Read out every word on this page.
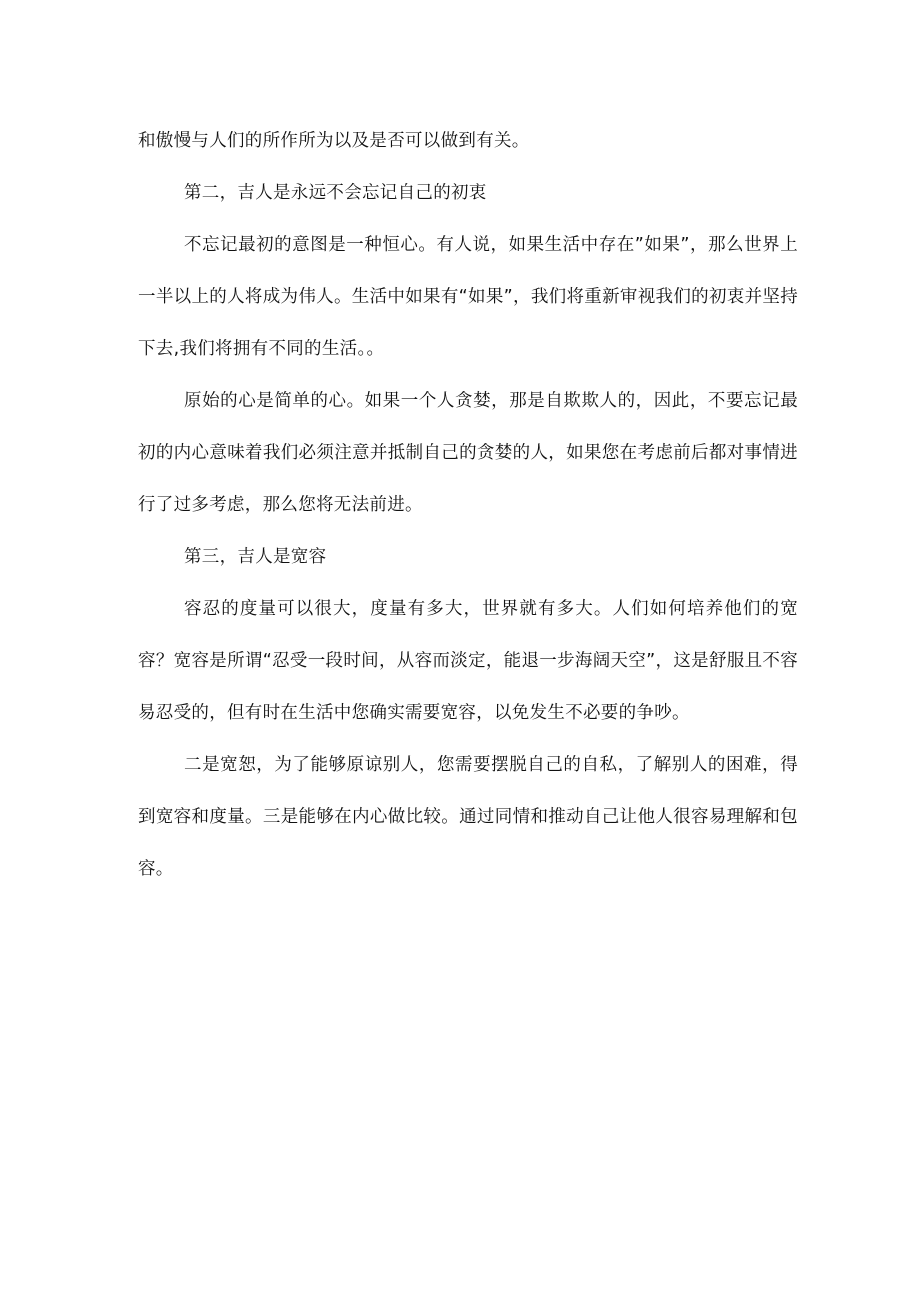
和傲慢与人们的所作所为以及是否可以做到有关。

第二，吉人是永远不会忘记自己的初衷

不忘记最初的意图是一种恒心。有人说，如果生活中存在”如果”，那么世界上一半以上的人将成为伟人。生活中如果有“如果”，我们将重新审视我们的初衷并坚持下去,我们将拥有不同的生活。。

原始的心是简单的心。如果一个人贪婪，那是自欺欺人的，因此，不要忘记最初的内心意味着我们必须注意并抵制自己的贪婪的人，如果您在考虑前后都对事情进行了过多考虑，那么您将无法前进。

第三，吉人是宽容

容忍的度量可以很大，度量有多大，世界就有多大。人们如何培养他们的宽容？宽容是所谓“忍受一段时间，从容而淡定，能退一步海阔天空”，这是舒服且不容易忍受的，但有时在生活中您确实需要宽容，以免发生不必要的争吵。

二是宽恕，为了能够原谅别人，您需要摆脱自己的自私，了解别人的困难，得到宽容和度量。三是能够在内心做比较。通过同情和推动自己让他人很容易理解和包容。
